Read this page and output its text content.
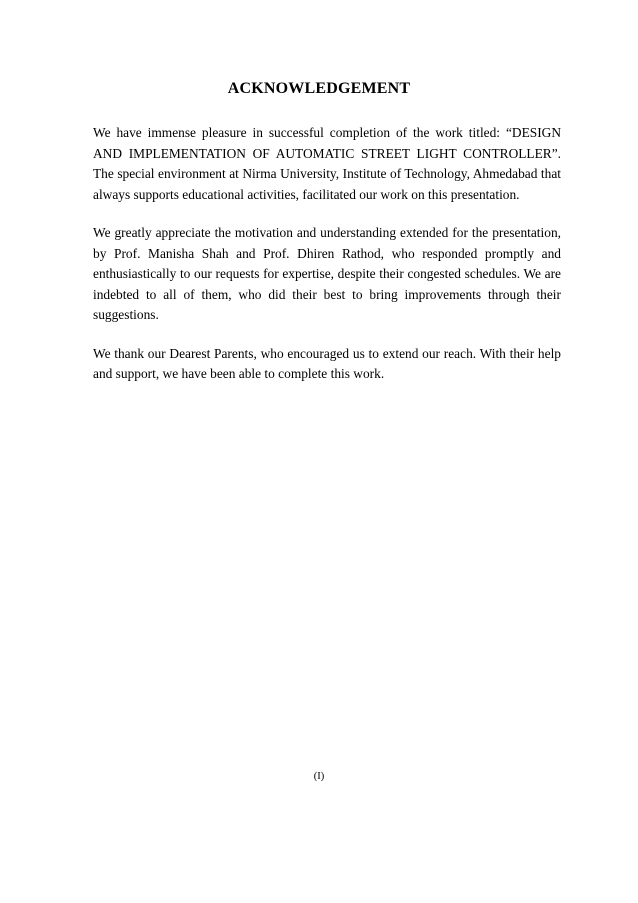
ACKNOWLEDGEMENT

We have immense pleasure in successful completion of the work titled: “DESIGN AND IMPLEMENTATION OF AUTOMATIC STREET LIGHT CONTROLLER”. The special environment at Nirma University, Institute of Technology, Ahmedabad that always supports educational activities, facilitated our work on this presentation.

We greatly appreciate the motivation and understanding extended for the presentation, by Prof. Manisha Shah and Prof. Dhiren Rathod, who responded promptly and enthusiastically to our requests for expertise, despite their congested schedules. We are indebted to all of them, who did their best to bring improvements through their suggestions.

We thank our Dearest Parents, who encouraged us to extend our reach. With their help and support, we have been able to complete this work.

(I)
